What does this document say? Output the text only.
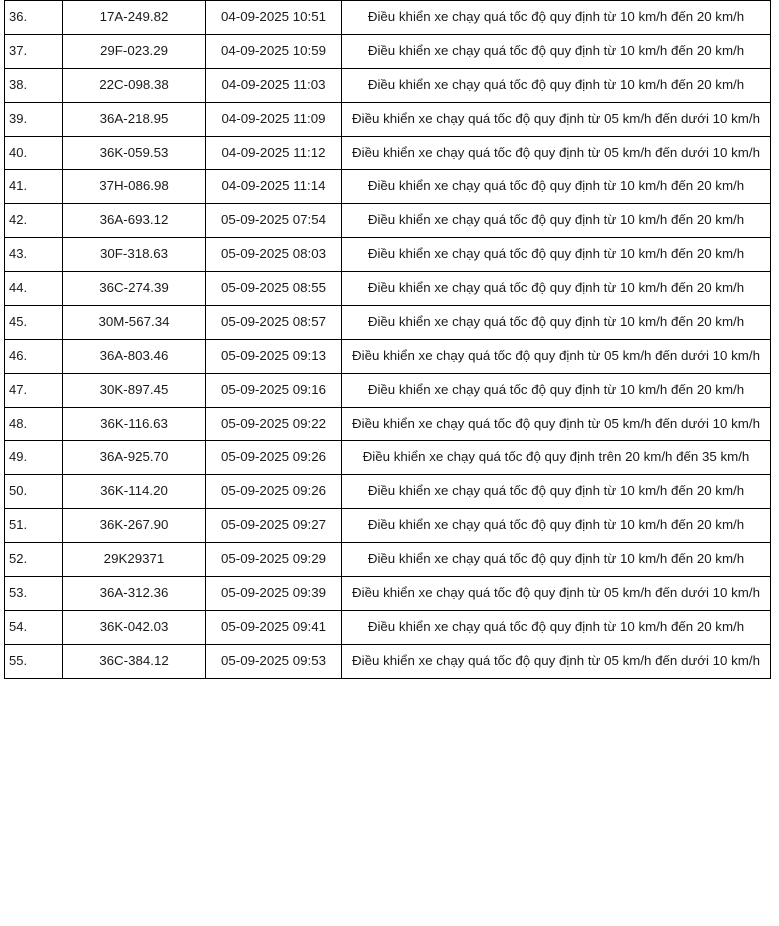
36.	17A-249.82	04-09-2025 10:51	Điều khiển xe chạy quá tốc độ quy định từ 10 km/h đến 20 km/h
37.	29F-023.29	04-09-2025 10:59	Điều khiển xe chạy quá tốc độ quy định từ 10 km/h đến 20 km/h
38.	22C-098.38	04-09-2025 11:03	Điều khiển xe chạy quá tốc độ quy định từ 10 km/h đến 20 km/h
39.	36A-218.95	04-09-2025 11:09	Điều khiển xe chạy quá tốc độ quy định từ 05 km/h đến dưới 10 km/h
40.	36K-059.53	04-09-2025 11:12	Điều khiển xe chạy quá tốc độ quy định từ 05 km/h đến dưới 10 km/h
41.	37H-086.98	04-09-2025 11:14	Điều khiển xe chạy quá tốc độ quy định từ 10 km/h đến 20 km/h
42.	36A-693.12	05-09-2025 07:54	Điều khiển xe chạy quá tốc độ quy định từ 10 km/h đến 20 km/h
43.	30F-318.63	05-09-2025 08:03	Điều khiển xe chạy quá tốc độ quy định từ 10 km/h đến 20 km/h
44.	36C-274.39	05-09-2025 08:55	Điều khiển xe chạy quá tốc độ quy định từ 10 km/h đến 20 km/h
45.	30M-567.34	05-09-2025 08:57	Điều khiển xe chạy quá tốc độ quy định từ 10 km/h đến 20 km/h
46.	36A-803.46	05-09-2025 09:13	Điều khiển xe chạy quá tốc độ quy định từ 05 km/h đến dưới 10 km/h
47.	30K-897.45	05-09-2025 09:16	Điều khiển xe chạy quá tốc độ quy định từ 10 km/h đến 20 km/h
48.	36K-116.63	05-09-2025 09:22	Điều khiển xe chạy quá tốc độ quy định từ 05 km/h đến dưới 10 km/h
49.	36A-925.70	05-09-2025 09:26	Điều khiển xe chạy quá tốc độ quy định trên 20 km/h đến 35 km/h
50.	36K-114.20	05-09-2025 09:26	Điều khiển xe chạy quá tốc độ quy định từ 10 km/h đến 20 km/h
51.	36K-267.90	05-09-2025 09:27	Điều khiển xe chạy quá tốc độ quy định từ 10 km/h đến 20 km/h
52.	29K29371	05-09-2025 09:29	Điều khiển xe chạy quá tốc độ quy định từ 10 km/h đến 20 km/h
53.	36A-312.36	05-09-2025 09:39	Điều khiển xe chạy quá tốc độ quy định từ 05 km/h đến dưới 10 km/h
54.	36K-042.03	05-09-2025 09:41	Điều khiển xe chạy quá tốc độ quy định từ 10 km/h đến 20 km/h
55.	36C-384.12	05-09-2025 09:53	Điều khiển xe chạy quá tốc độ quy định từ 05 km/h đến dưới 10 km/h
